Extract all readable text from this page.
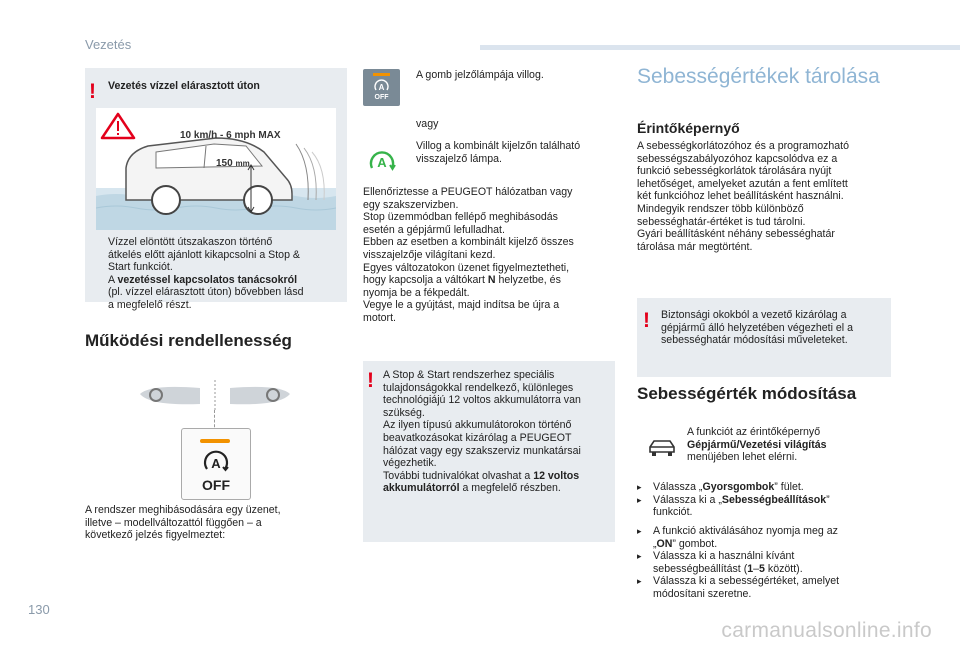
Vezetés
! Vezetés vízzel elárasztott úton
10 km/h - 6 mph MAX
150 mm
Vízzel elöntött útszakaszon történő
átkelés előtt ajánlott kikapcsolni a Stop &
Start funkciót.
A vezetéssel kapcsolatos tanácsokról
(pl. vízzel elárasztott úton) bővebben lásd
a megfelelő részt.
Működési rendellenesség
A
OFF
A rendszer meghibásodására egy üzenet,
illetve – modellváltozattól függően – a
következő jelzés figyelmeztet:
A
OFF
A gomb jelzőlámpája villog.
vagy
A
Villog a kombinált kijelzőn található
visszajelző lámpa.
Ellenőriztesse a PEUGEOT hálózatban vagy
egy szakszervizben.
Stop üzemmódban fellépő meghibásodás
esetén a gépjármű lefulladhat.
Ebben az esetben a kombinált kijelző összes
visszajelzője világítani kezd.
Egyes változatokon üzenet figyelmeztetheti,
hogy kapcsolja a váltókart N helyzetbe, és
nyomja be a fékpedált.
Vegye le a gyújtást, majd indítsa be újra a
motort.
! A Stop & Start rendszerhez speciális
tulajdonságokkal rendelkező, különleges
technológiájú 12 voltos akkumulátorra van
szükség.
Az ilyen típusú akkumulátorokon történő
beavatkozásokat kizárólag a PEUGEOT
hálózat vagy egy szakszerviz munkatársai
végezhetik.
További tudnivalókat olvashat a 12 voltos
akkumulátorról a megfelelő részben.
Sebességértékek tárolása
Érintőképernyő
A sebességkorlátozóhoz és a programozható
sebességszabályozóhoz kapcsolódva ez a
funkció sebességkorlátok tárolására nyújt
lehetőséget, amelyeket azután a fent említett
két funkcióhoz lehet beállításként használni.
Mindegyik rendszer több különböző
sebességhatár-értéket is tud tárolni.
Gyári beállításként néhány sebességhatár
tárolása már megtörtént.
! Biztonsági okokból a vezető kizárólag a
gépjármű álló helyzetében végezheti el a
sebességhatár módosítási műveleteket.
Sebességérték módosítása
A funkciót az érintőképernyő
Gépjármű/Vezetési világítás
menüjében lehet elérni.
▸ Válassza „Gyorsgombok” fület.
▸ Válassza ki a „Sebességbeállítások”
funkciót.
▸ A funkció aktiválásához nyomja meg az
„ON” gombot.
▸ Válassza ki a használni kívánt
sebességbeállítást (1–5 között).
▸ Válassza ki a sebességértéket, amelyet
módosítani szeretne.
130
carmanualsonline.info
